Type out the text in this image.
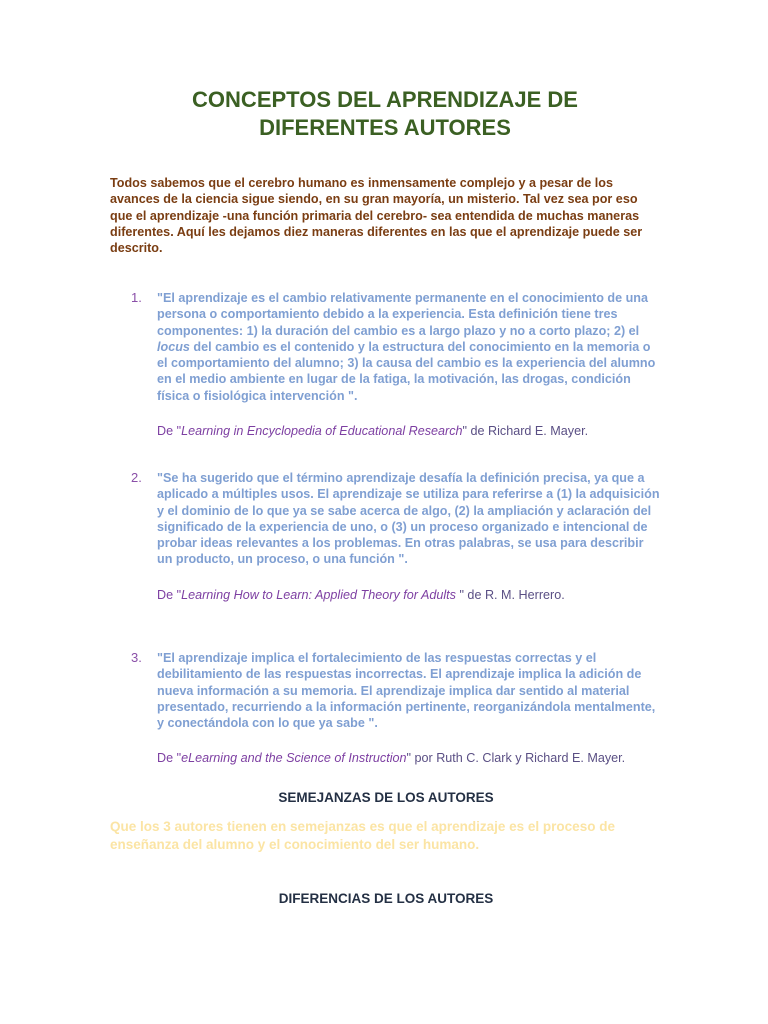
CONCEPTOS DEL APRENDIZAJE DE
DIFERENTES AUTORES

Todos sabemos que el cerebro humano es inmensamente complejo y a pesar de los avances de la ciencia sigue siendo, en su gran mayoría, un misterio. Tal vez sea por eso que el aprendizaje -una función primaria del cerebro- sea entendida de muchas maneras diferentes. Aquí les dejamos diez maneras diferentes en las que el aprendizaje puede ser descrito.

1.	"El aprendizaje es el cambio relativamente permanente en el conocimiento de una persona o comportamiento debido a la experiencia. Esta definición tiene tres componentes: 1) la duración del cambio es a largo plazo y no a corto plazo; 2) el locus del cambio es el contenido y la estructura del conocimiento en la memoria o el comportamiento del alumno; 3) la causa del cambio es la experiencia del alumno en el medio ambiente en lugar de la fatiga, la motivación, las drogas, condición física o fisiológica intervención ".

De "Learning in Encyclopedia of Educational Research" de Richard E. Mayer.

2.	"Se ha sugerido que el término aprendizaje desafía la definición precisa, ya que a aplicado a múltiples usos. El aprendizaje se utiliza para referirse a (1) la adquisición y el dominio de lo que ya se sabe acerca de algo, (2) la ampliación y aclaración del significado de la experiencia de uno, o (3) un proceso organizado e intencional de probar ideas relevantes a los problemas. En otras palabras, se usa para describir un producto, un proceso, o una función ".

De "Learning How to Learn: Applied Theory for Adults " de R. M. Herrero.

3.	"El aprendizaje implica el fortalecimiento de las respuestas correctas y el debilitamiento de las respuestas incorrectas. El aprendizaje implica la adición de nueva información a su memoria. El aprendizaje implica dar sentido al material presentado, recurriendo a la información pertinente, reorganizándola mentalmente, y conectándola con lo que ya sabe ".

De "eLearning and the Science of Instruction" por Ruth C. Clark y Richard E. Mayer.

SEMEJANZAS DE LOS AUTORES

Que los 3 autores tienen en semejanzas es que el aprendizaje es el proceso de enseñanza del alumno y el conocimiento del ser humano.

DIFERENCIAS DE LOS AUTORES
